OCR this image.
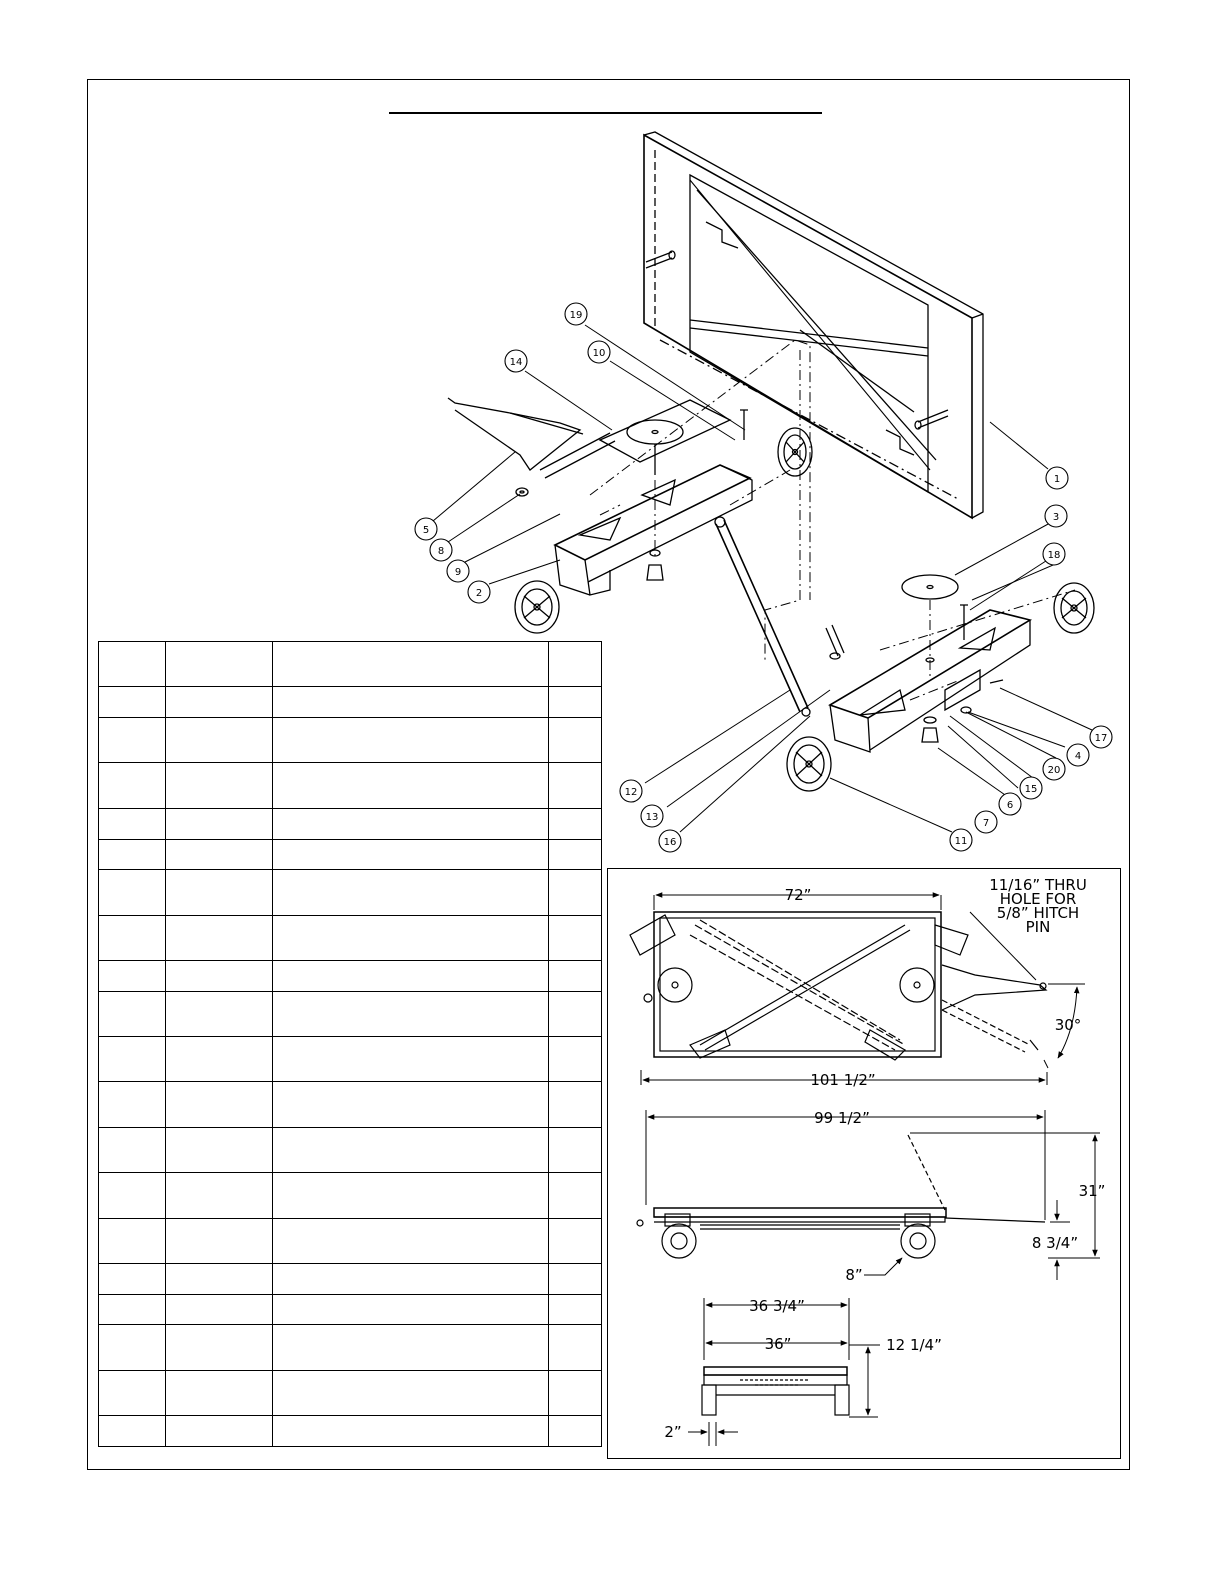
1
2
3
4
5
6
7
8
9
10
11
12
13
14
15
16
17
18
19
20

72”
11/16” THRU
HOLE FOR
5/8” HITCH
PIN
30°
101 1/2”
99 1/2”
31”
8 3/4”
8”
36 3/4”
36”	12 1/4”
2”
